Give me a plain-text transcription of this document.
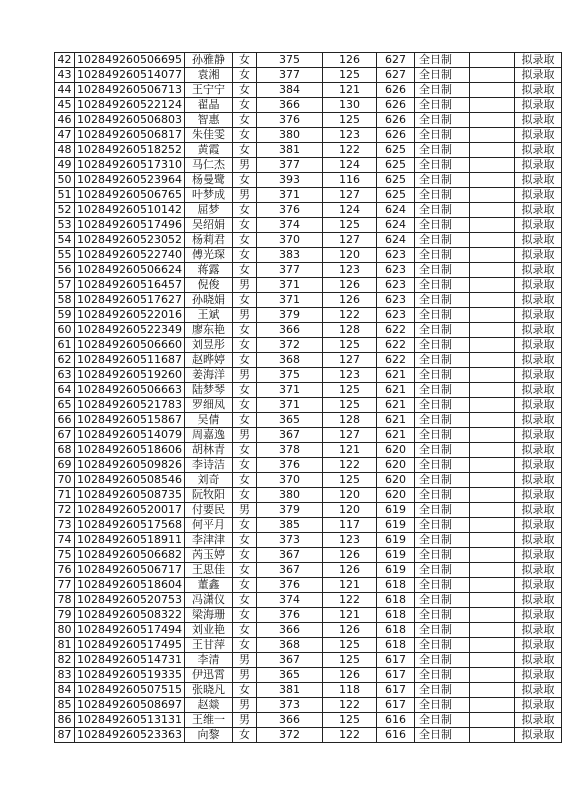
42	102849260506695	孙雅静	女	375	126	627	全日制		拟录取
43	102849260514077	袁湘	女	377	125	627	全日制		拟录取
44	102849260506713	王宁宁	女	384	121	626	全日制		拟录取
45	102849260522124	翟晶	女	366	130	626	全日制		拟录取
46	102849260506803	智惠	女	376	125	626	全日制		拟录取
47	102849260506817	朱佳雯	女	380	123	626	全日制		拟录取
48	102849260518252	黄霞	女	381	122	625	全日制		拟录取
49	102849260517310	马仁杰	男	377	124	625	全日制		拟录取
50	102849260523964	杨曼鹭	女	393	116	625	全日制		拟录取
51	102849260506765	叶梦成	男	371	127	625	全日制		拟录取
52	102849260510142	屈梦	女	376	124	624	全日制		拟录取
53	102849260517496	吴绍娟	女	374	125	624	全日制		拟录取
54	102849260523052	杨莉君	女	370	127	624	全日制		拟录取
55	102849260522740	傅光琛	女	383	120	623	全日制		拟录取
56	102849260506624	蒋露	女	377	123	623	全日制		拟录取
57	102849260516457	倪俊	男	371	126	623	全日制		拟录取
58	102849260517627	孙晓娟	女	371	126	623	全日制		拟录取
59	102849260522016	王斌	男	379	122	623	全日制		拟录取
60	102849260522349	廖东艳	女	366	128	622	全日制		拟录取
61	102849260506660	刘昱彤	女	372	125	622	全日制		拟录取
62	102849260511687	赵晔婷	女	368	127	622	全日制		拟录取
63	102849260519260	姜海洋	男	375	123	621	全日制		拟录取
64	102849260506663	陆梦琴	女	371	125	621	全日制		拟录取
65	102849260521783	罗细凤	女	371	125	621	全日制		拟录取
66	102849260515867	吴倩	女	365	128	621	全日制		拟录取
67	102849260514079	周嘉逸	男	367	127	621	全日制		拟录取
68	102849260518606	胡林青	女	378	121	620	全日制		拟录取
69	102849260509826	李诗洁	女	376	122	620	全日制		拟录取
70	102849260508546	刘奇	女	370	125	620	全日制		拟录取
71	102849260508735	阮牧阳	女	380	120	620	全日制		拟录取
72	102849260520017	付要民	男	379	120	619	全日制		拟录取
73	102849260517568	何平月	女	385	117	619	全日制		拟录取
74	102849260518911	李津津	女	373	123	619	全日制		拟录取
75	102849260506682	芮玉婷	女	367	126	619	全日制		拟录取
76	102849260506717	王思佳	女	367	126	619	全日制		拟录取
77	102849260518604	董鑫	女	376	121	618	全日制		拟录取
78	102849260520753	冯潇仪	女	374	122	618	全日制		拟录取
79	102849260508322	梁海珊	女	376	121	618	全日制		拟录取
80	102849260517494	刘业艳	女	366	126	618	全日制		拟录取
81	102849260517495	王甘萍	女	368	125	618	全日制		拟录取
82	102849260514731	李清	男	367	125	617	全日制		拟录取
83	102849260519335	伊迅霄	男	365	126	617	全日制		拟录取
84	102849260507515	张晓凡	女	381	118	617	全日制		拟录取
85	102849260508697	赵燚	男	373	122	617	全日制		拟录取
86	102849260513131	王维一	男	366	125	616	全日制		拟录取
87	102849260523363	向黎	女	372	122	616	全日制		拟录取
